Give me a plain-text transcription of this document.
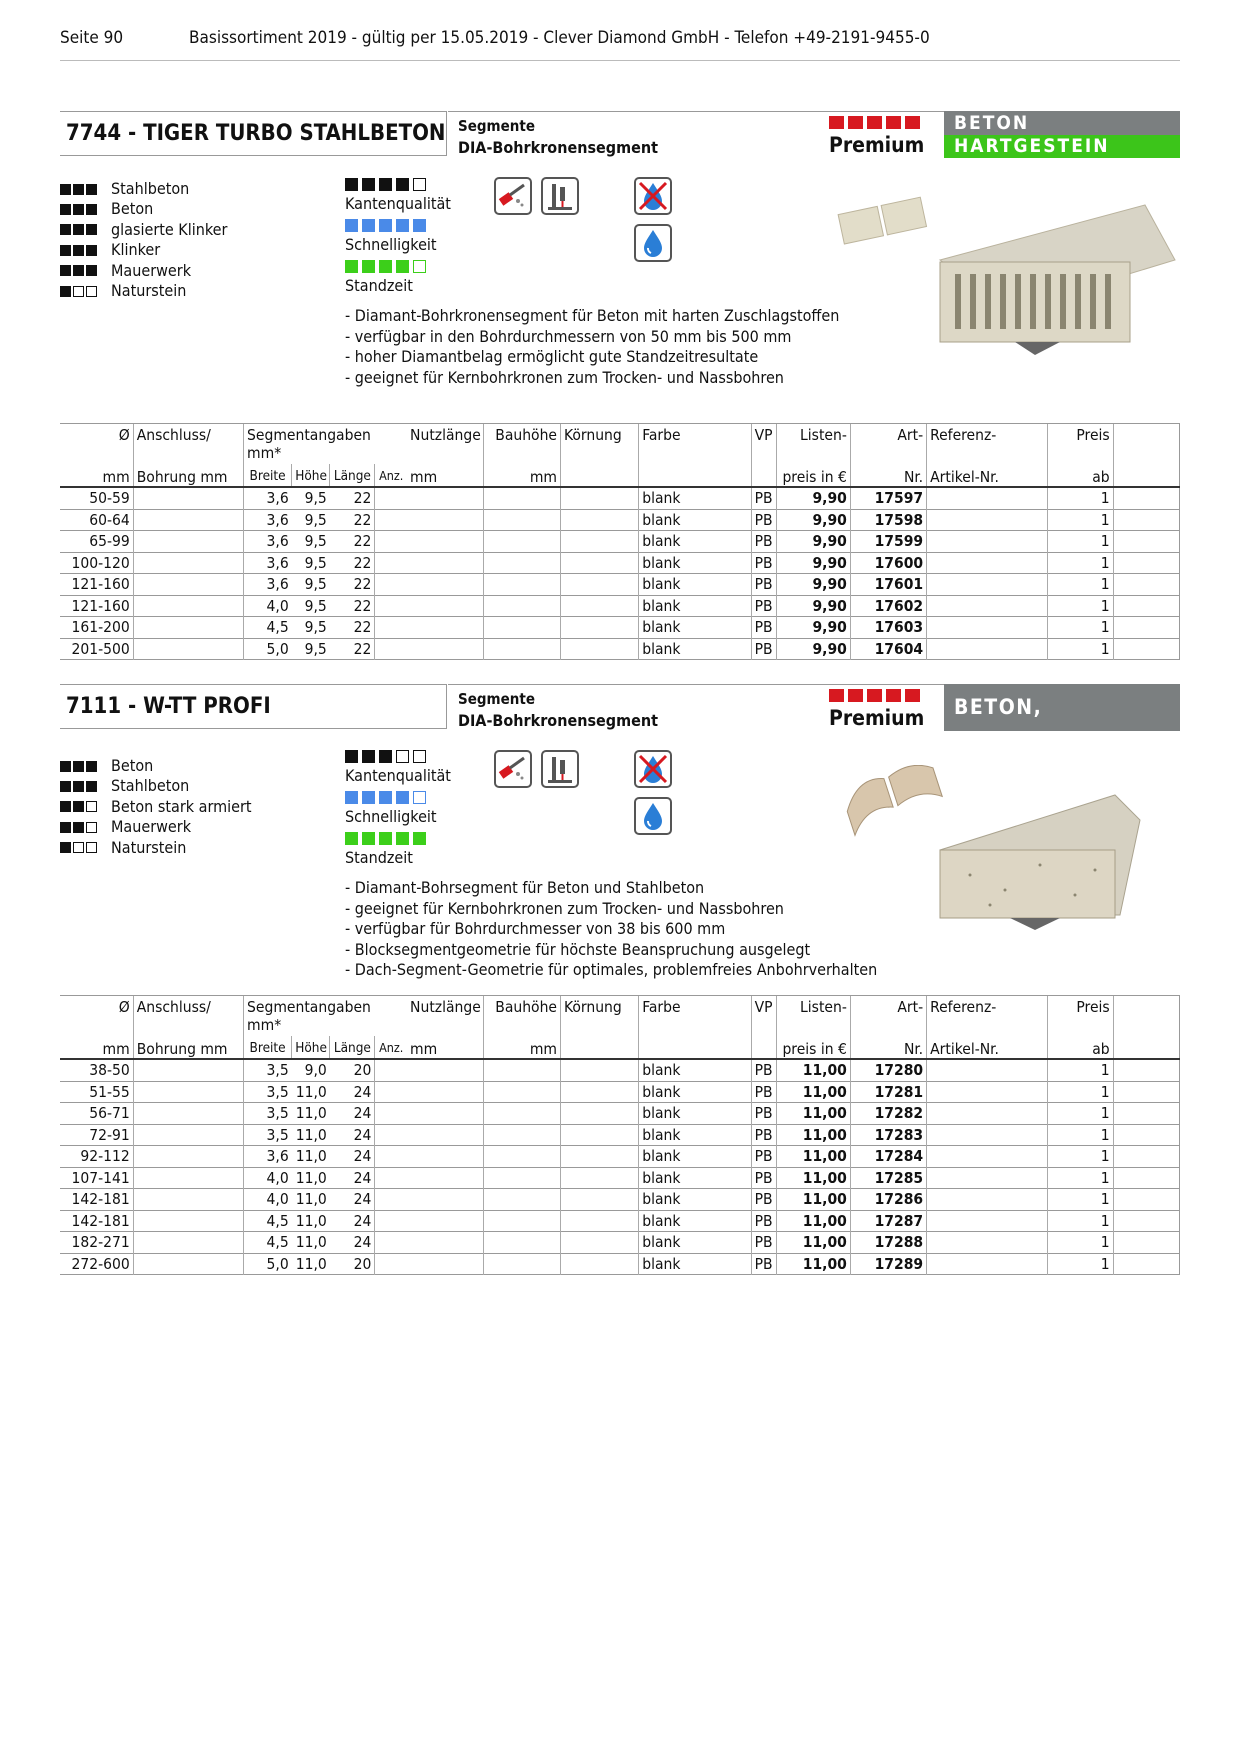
Seite 90	Basissortiment 2019 - gültig per 15.05.2019 - Clever Diamond GmbH - Telefon +49-2191-9455-0
7744 - TIGER TURBO STAHLBETON Segmente
DIA-Bohrkronensegment	Premium
BETON
HARTGESTEIN
Stahlbeton
Beton
glasierte Klinker
Klinker
Mauerwerk
Naturstein
Kantenqualität
Schnelligkeit
Standzeit
- Diamant-Bohrkronensegment für Beton mit harten Zuschlagstoffen
- verfügbar in den Bohrdurchmessern von 50 mm bis 500 mm
- hoher Diamantbelag ermöglicht gute Standzeitresultate
- geeignet für Kernbohrkronen zum Trocken- und Nassbohren
Ø	Anschluss/	Segmentangaben mm*				Nutzlänge	Bauhöhe	Körnung	Farbe	VP	Listen-	Art-	Referenz-	Preis	
mm	Bohrung mm	Breite	Höhe	Länge	Anz.	mm	mm				preis in €	Nr.	Artikel-Nr.	ab	
50-59		3,6	9,5	22					blank	PB	9,90	17597		1	
60-64		3,6	9,5	22					blank	PB	9,90	17598		1	
65-99		3,6	9,5	22					blank	PB	9,90	17599		1	
100-120		3,6	9,5	22					blank	PB	9,90	17600		1	
121-160		3,6	9,5	22					blank	PB	9,90	17601		1	
121-160		4,0	9,5	22					blank	PB	9,90	17602		1	
161-200		4,5	9,5	22					blank	PB	9,90	17603		1	
201-500		5,0	9,5	22					blank	PB	9,90	17604		1	
7111 - W-TT PROFI	Segmente
DIA-Bohrkronensegment	Premium	BETON, UNIVERSAL
Beton
Stahlbeton
Beton stark armiert
Mauerwerk
Naturstein
Kantenqualität
Schnelligkeit
Standzeit
- Diamant-Bohrsegment für Beton und Stahlbeton
- geeignet für Kernbohrkronen zum Trocken- und Nassbohren
- verfügbar für Bohrdurchmesser von 38 bis 600 mm
- Blocksegmentgeometrie für höchste Beanspruchung ausgelegt
- Dach-Segment-Geometrie für optimales, problemfreies Anbohrverhalten
Ø	Anschluss/	Segmentangaben mm*				Nutzlänge	Bauhöhe	Körnung	Farbe	VP	Listen-	Art-	Referenz-	Preis	
mm	Bohrung mm	Breite	Höhe	Länge	Anz.	mm	mm				preis in €	Nr.	Artikel-Nr.	ab	
38-50		3,5	9,0	20					blank	PB	11,00	17280		1	
51-55		3,5	11,0	24					blank	PB	11,00	17281		1	
56-71		3,5	11,0	24					blank	PB	11,00	17282		1	
72-91		3,5	11,0	24					blank	PB	11,00	17283		1	
92-112		3,6	11,0	24					blank	PB	11,00	17284		1	
107-141		4,0	11,0	24					blank	PB	11,00	17285		1	
142-181		4,0	11,0	24					blank	PB	11,00	17286		1	
142-181		4,5	11,0	24					blank	PB	11,00	17287		1	
182-271		4,5	11,0	24					blank	PB	11,00	17288		1	
272-600		5,0	11,0	20					blank	PB	11,00	17289		1	
